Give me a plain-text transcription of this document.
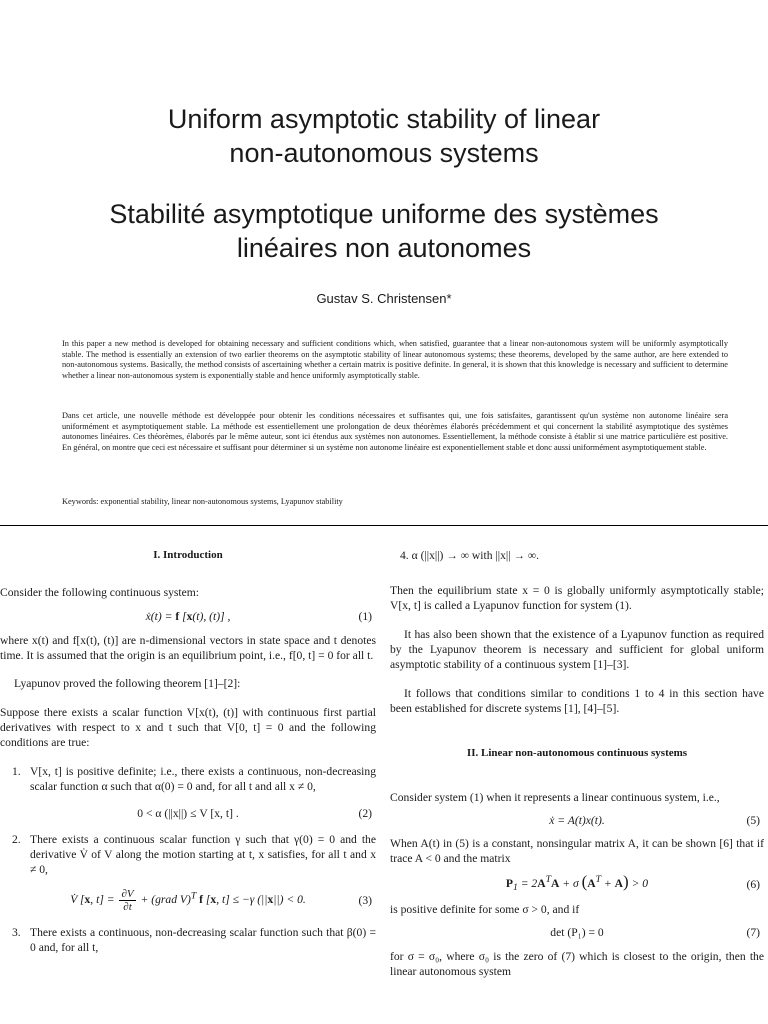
Uniform asymptotic stability of linear
non-autonomous systems
Stabilité asymptotique uniforme des systèmes
linéaires non autonomes
Gustav S. Christensen*
In this paper a new method is developed for obtaining necessary and sufficient conditions which, when satisfied, guarantee that a linear non-autonomous system will be uniformly asymptotically stable. The method is essentially an extension of two earlier theorems on the asymptotic stability of linear autonomous systems; these theorems, developed by the same author, are here extended to non-autonomous systems. Basically, the method consists of ascertaining whether a certain matrix is positive definite. In general, it is shown that this knowledge is necessary and sufficient to determine whether a linear non-autonomous system is exponentially stable and hence uniformly asymptotically stable.
Dans cet article, une nouvelle méthode est développée pour obtenir les conditions nécessaires et suffisantes qui, une fois satisfaites, garantissent qu'un système non autonome linéaire sera uniformément et asymptotiquement stable. La méthode est essentiellement une prolongation de deux théorèmes élaborés précédemment et qui concernent la stabilité asymptotique des systèmes autonomes linéaires. Ces théorèmes, élaborés par le même auteur, sont ici étendus aux systèmes non autonomes. Essentiellement, la méthode consiste à établir si une matrice particulière est positive. En général, on montre que ceci est nécessaire et suffisant pour déterminer si un système non autonome linéaire est exponentiellement stable et donc aussi uniformément asymptotiquement stable.
Keywords: exponential stability, linear non-autonomous systems, Lyapunov stability
I. Introduction

Consider the following continuous system:

ẋ(t) = f [x(t), (t)] ,	(1)

where x(t) and f[x(t), (t)] are n-dimensional vectors in state space and t denotes time. It is assumed that the origin is an equilibrium point, i.e., f[0, t] = 0 for all t.

Lyapunov proved the following theorem [1]–[2]:

Suppose there exists a scalar function V[x(t), (t)] with continuous first partial derivatives with respect to x and t such that V[0, t] = 0 and the following conditions are true:

1. V[x, t] is positive definite; i.e., there exists a continuous, non-decreasing scalar function α such that α(0) = 0 and, for all t and all x ≠ 0,
0 < α (||x||) ≤ V [x, t] .	(2)
2. There exists a continuous scalar function γ such that γ(0) = 0 and the derivative V̇ of V along the motion starting at t, x satisfies, for all t and x ≠ 0,
V̇ [x, $t] = \frac{\partial V}{\partial t}$ + (grad V)$^T$ f [x, t] ≤ −γ (||x||) < 0.	(3)
3. There exists a continuous, non-decreasing scalar function such that β(0) = 0 and, for all t,

4. α (||x||) → ∞ with ||x|| → ∞.

Then the equilibrium state x = 0 is globally uniformly asymptotically stable; V[x, t] is called a Lyapunov function for system (1).

It has also been shown that the existence of a Lyapunov function as required by the Lyapunov theorem is necessary and sufficient for global uniform asymptotic stability of a continuous system [1]–[3].

It follows that conditions similar to conditions 1 to 4 in this section have been established for discrete systems [1], [4]–[5].

II. Linear non-autonomous continuous systems

Consider system (1) when it represents a linear continuous system, i.e.,

ẋ = A(t)x(t).	(5)

When A(t) in (5) is a constant, nonsingular matrix A, it can be shown [6] that if trace A < 0 and the matrix

$P_1 = 2A^TA + \sigma$ $(A^T + A) > 0$	(6)

is positive definite for some σ > 0, and if

det (P₁) = 0	(7)

for σ = σ₀, where σ₀ is the zero of (7) which is closest to the origin, then the linear autonomous system
